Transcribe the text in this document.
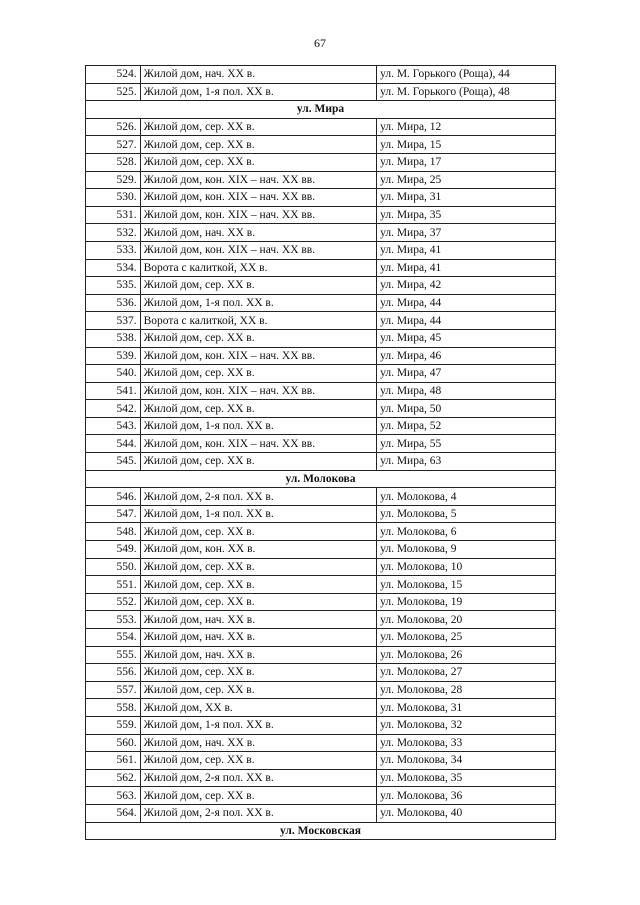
67
524.	Жилой дом, нач. XX в.	ул. М. Горького (Роща), 44
525.	Жилой дом, 1-я пол. XX в.	ул. М. Горького (Роща), 48
ул. Мира		
526.	Жилой дом, сер. XX в.	ул. Мира, 12
527.	Жилой дом, сер. XX в.	ул. Мира, 15
528.	Жилой дом, сер. XX в.	ул. Мира, 17
529.	Жилой дом, кон. XIX – нач. XX вв.	ул. Мира, 25
530.	Жилой дом, кон. XIX – нач. XX вв.	ул. Мира, 31
531.	Жилой дом, кон. XIX – нач. XX вв.	ул. Мира, 35
532.	Жилой дом, нач. XX в.	ул. Мира, 37
533.	Жилой дом, кон. XIX – нач. XX вв.	ул. Мира, 41
534.	Ворота с калиткой, XX в.	ул. Мира, 41
535.	Жилой дом, сер. XX в.	ул. Мира, 42
536.	Жилой дом, 1-я пол. XX в.	ул. Мира, 44
537.	Ворота с калиткой, XX в.	ул. Мира, 44
538.	Жилой дом, сер. XX в.	ул. Мира, 45
539.	Жилой дом, кон. XIX – нач. XX вв.	ул. Мира, 46
540.	Жилой дом, сер. XX в.	ул. Мира, 47
541.	Жилой дом, кон. XIX – нач. XX вв.	ул. Мира, 48
542.	Жилой дом, сер. XX в.	ул. Мира, 50
543.	Жилой дом, 1-я пол. XX в.	ул. Мира, 52
544.	Жилой дом, кон. XIX – нач. XX вв.	ул. Мира, 55
545.	Жилой дом, сер. XX в.	ул. Мира, 63
ул. Молокова		
546.	Жилой дом, 2-я пол. XX в.	ул. Молокова, 4
547.	Жилой дом, 1-я пол. XX в.	ул. Молокова, 5
548.	Жилой дом, сер. XX в.	ул. Молокова, 6
549.	Жилой дом, кон. XX в.	ул. Молокова, 9
550.	Жилой дом, сер. XX в.	ул. Молокова, 10
551.	Жилой дом, сер. XX в.	ул. Молокова, 15
552.	Жилой дом, сер. XX в.	ул. Молокова, 19
553.	Жилой дом, нач. XX в.	ул. Молокова, 20
554.	Жилой дом, нач. XX в.	ул. Молокова, 25
555.	Жилой дом, нач. XX в.	ул. Молокова, 26
556.	Жилой дом, сер. XX в.	ул. Молокова, 27
557.	Жилой дом, сер. XX в.	ул. Молокова, 28
558.	Жилой дом, XX в.	ул. Молокова, 31
559.	Жилой дом, 1-я пол. XX в.	ул. Молокова, 32
560.	Жилой дом, нач. XX в.	ул. Молокова, 33
561.	Жилой дом, сер. XX в.	ул. Молокова, 34
562.	Жилой дом, 2-я пол. XX в.	ул. Молокова, 35
563.	Жилой дом, сер. XX в.	ул. Молокова, 36
564.	Жилой дом, 2-я пол. XX в.	ул. Молокова, 40
ул. Московская		
